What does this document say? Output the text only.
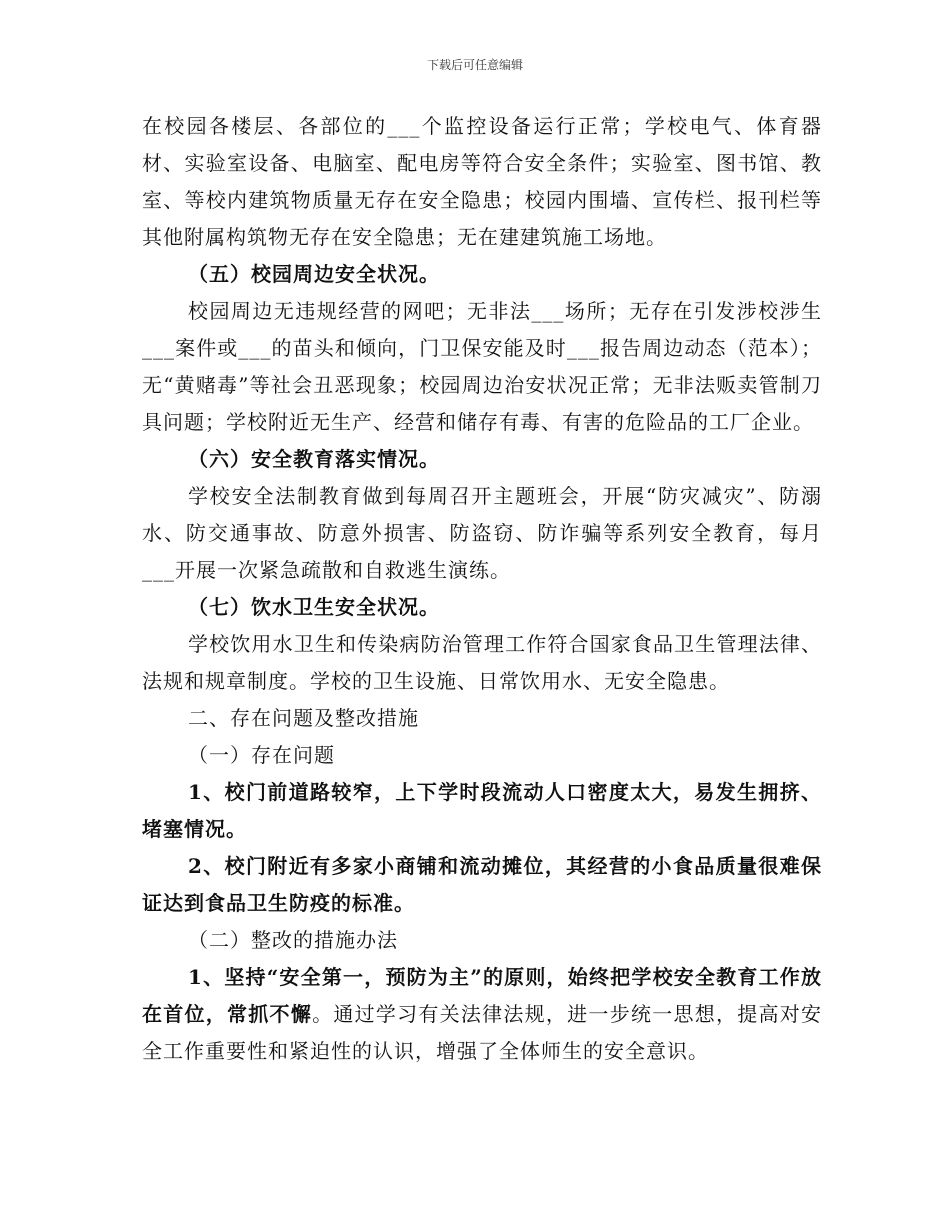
下载后可任意编辑

在校园各楼层、各部位的___个监控设备运行正常；学校电气、体育器材、实验室设备、电脑室、配电房等符合安全条件；实验室、图书馆、教室、等校内建筑物质量无存在安全隐患；校园内围墙、宣传栏、报刊栏等其他附属构筑物无存在安全隐患；无在建建筑施工场地。

（五）校园周边安全状况。

校园周边无违规经营的网吧；无非法___场所；无存在引发涉校涉生___案件或___的苗头和倾向，门卫保安能及时___报告周边动态（范本）；无“黄赌毒”等社会丑恶现象；校园周边治安状况正常；无非法贩卖管制刀具问题；学校附近无生产、经营和储存有毒、有害的危险品的工厂企业。

（六）安全教育落实情况。

学校安全法制教育做到每周召开主题班会，开展“防灾减灾”、防溺水、防交通事故、防意外损害、防盗窃、防诈骗等系列安全教育，每月___开展一次紧急疏散和自救逃生演练。

（七）饮水卫生安全状况。

学校饮用水卫生和传染病防治管理工作符合国家食品卫生管理法律、法规和规章制度。学校的卫生设施、日常饮用水、无安全隐患。

二、存在问题及整改措施

（一）存在问题

1、校门前道路较窄，上下学时段流动人口密度太大，易发生拥挤、堵塞情况。

2、校门附近有多家小商铺和流动摊位，其经营的小食品质量很难保证达到食品卫生防疫的标准。

（二）整改的措施办法

1、坚持“安全第一，预防为主”的原则，始终把学校安全教育工作放在首位，常抓不懈。通过学习有关法律法规，进一步统一思想，提高对安全工作重要性和紧迫性的认识，增强了全体师生的安全意识。
